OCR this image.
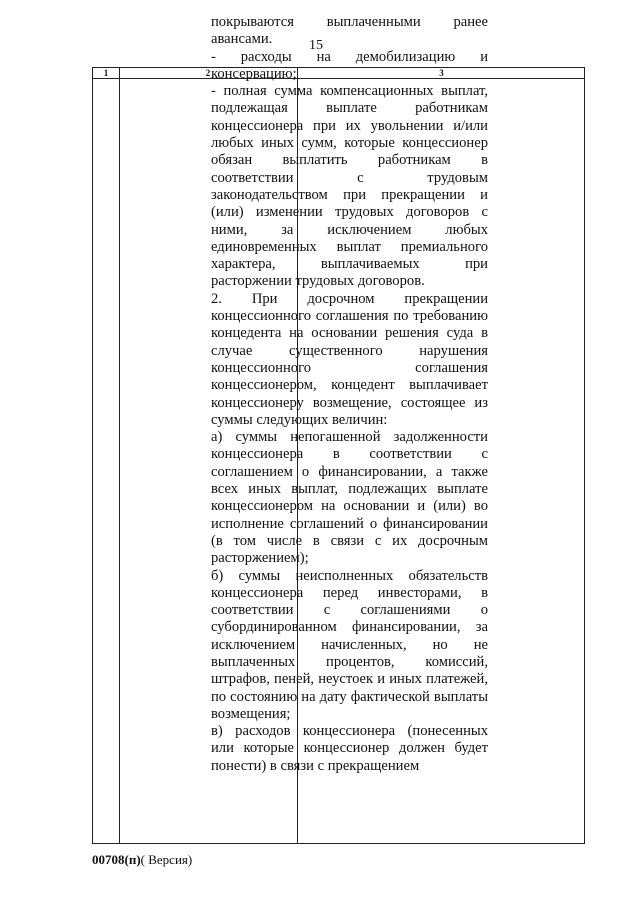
15
1	2	3

покрываются выплаченными ранее авансами.

- расходы на демобилизацию и консервацию;

- полная сумма компенсационных выплат, подлежащая выплате работникам концессионера при их увольнении и/или любых иных сумм, которые концессионер обязан выплатить работникам в соответствии с трудовым законодательством при прекращении и (или) изменении трудовых договоров с ними, за исключением любых единовременных выплат премиального характера, выплачиваемых при расторжении трудовых договоров.

2. При досрочном прекращении концессионного соглашения по требованию концедента на основании решения суда в случае существенного нарушения концессионного соглашения концессионером, концедент выплачивает концессионеру возмещение, состоящее из суммы следующих величин:

а) суммы непогашенной задолженности концессионера в соответствии с соглашением о финансировании, а также всех иных выплат, подлежащих выплате концессионером на основании и (или) во исполнение соглашений о финансировании (в том числе в связи с их досрочным расторжением);

б) суммы неисполненных обязательств концессионера перед инвесторами, в соответствии с соглашениями о субординированном финансировании, за исключением начисленных, но не выплаченных процентов, комиссий, штрафов, пеней, неустоек и иных платежей, по состоянию на дату фактической выплаты возмещения;

в) расходов концессионера (понесенных или которые концессионер должен будет понести) в связи с прекращением

00708(п)( Версия)
